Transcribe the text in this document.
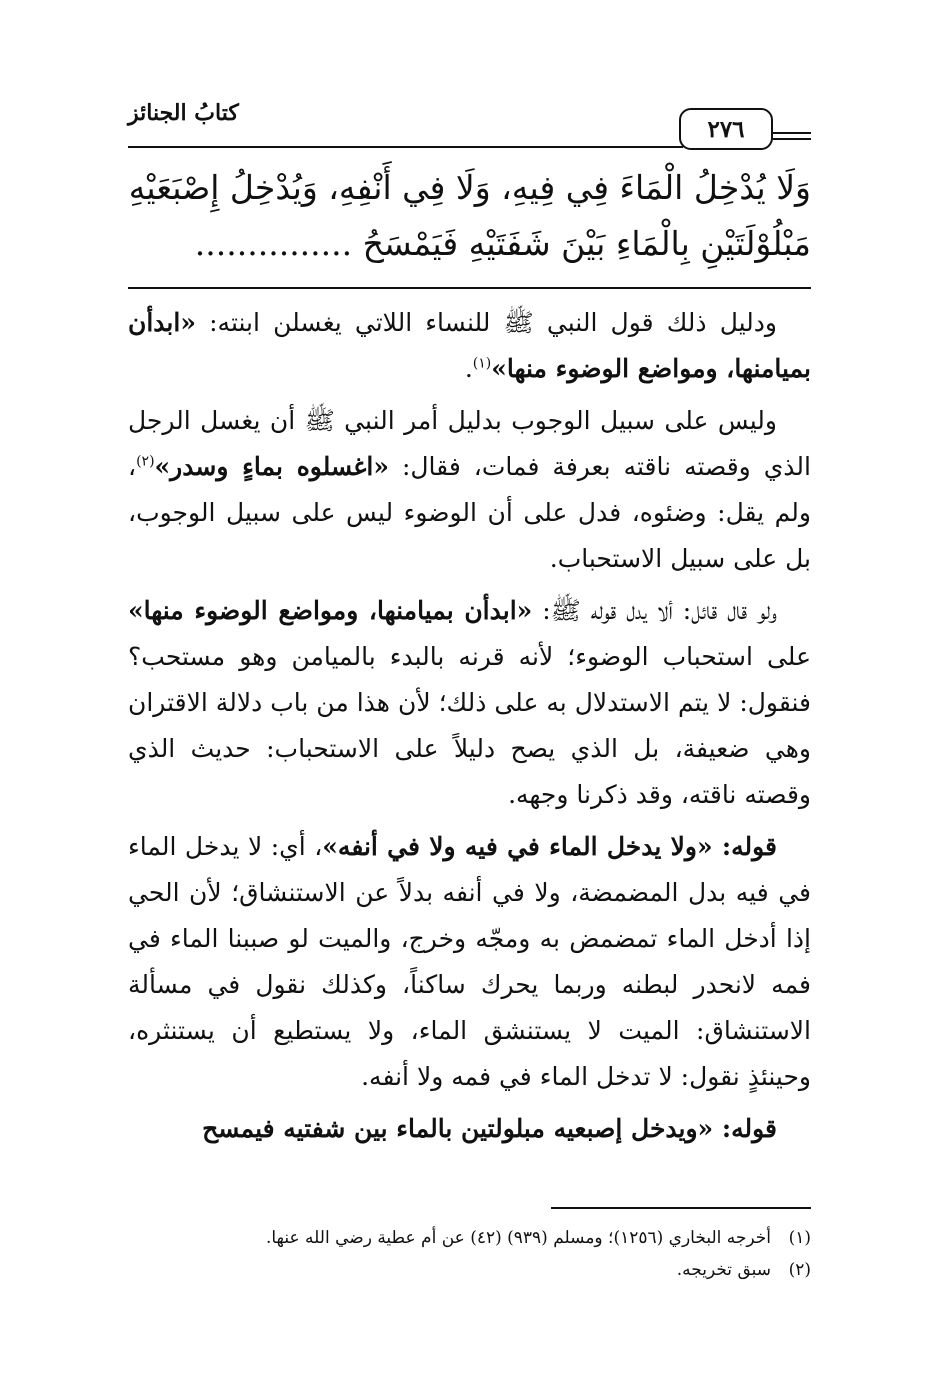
كتابُ الجنائز
٢٧٦
وَلَا يُدْخِلُ الْمَاءَ فِي فِيهِ، وَلَا فِي أَنْفِهِ، وَيُدْخِلُ إِصْبَعَيْهِ
مَبْلُوْلَتَيْنِ بِالْمَاءِ بَيْنَ شَفَتَيْهِ فَيَمْسَحُ ...............

ودليل ذلك قول النبي ﷺ للنساء اللاتي يغسلن ابنته: «ابدأن بميامنها، ومواضع الوضوء منها»$^{(١)}$.

وليس على سبيل الوجوب بدليل أمر النبي ﷺ أن يغسل الرجل الذي وقصته ناقته بعرفة فمات، فقال: «اغسلوه بماءٍ وسدر»$^{(٢)}$، ولم يقل: وضئوه، فدل على أن الوضوء ليس على سبيل الوجوب، بل على سبيل الاستحباب.

ولو قال قائل: ألا يدل قوله ﷺ: «ابدأن بميامنها، ومواضع الوضوء منها» على استحباب الوضوء؛ لأنه قرنه بالبدء بالميامن وهو مستحب؟ فنقول: لا يتم الاستدلال به على ذلك؛ لأن هذا من باب دلالة الاقتران وهي ضعيفة، بل الذي يصح دليلاً على الاستحباب: حديث الذي وقصته ناقته، وقد ذكرنا وجهه.

قوله: «ولا يدخل الماء في فيه ولا في أنفه»، أي: لا يدخل الماء في فيه بدل المضمضة، ولا في أنفه بدلاً عن الاستنشاق؛ لأن الحي إذا أدخل الماء تمضمض به ومجّه وخرج، والميت لو صببنا الماء في فمه لانحدر لبطنه وربما يحرك ساكناً، وكذلك نقول في مسألة الاستنشاق: الميت لا يستنشق الماء، ولا يستطيع أن يستنثره، وحينئذٍ نقول: لا تدخل الماء في فمه ولا أنفه.

قوله: «ويدخل إصبعيه مبلولتين بالماء بين شفتيه فيمسح

(١)
أخرجه البخاري (١٢٥٦)؛ ومسلم (٩٣٩) (٤٢) عن أم عطية رضي الله عنها.
(٢)
سبق تخريجه.
